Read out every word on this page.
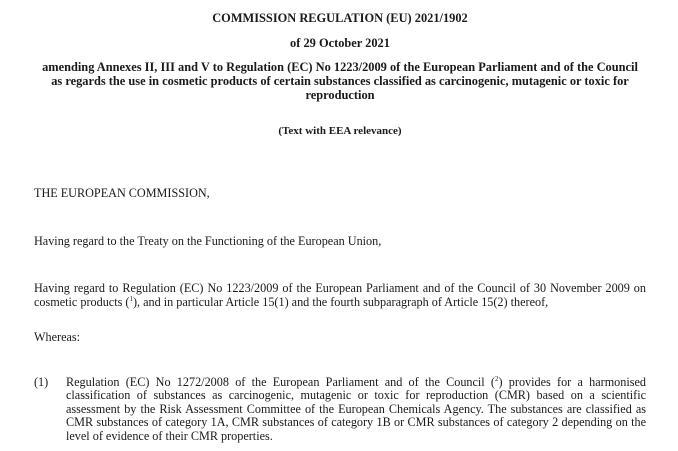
COMMISSION REGULATION (EU) 2021/1902

of 29 October 2021

amending Annexes II, III and V to Regulation (EC) No 1223/2009 of the European Parliament and of the Council as regards the use in cosmetic products of certain substances classified as carcinogenic, mutagenic or toxic for reproduction

(Text with EEA relevance)

THE EUROPEAN COMMISSION,

Having regard to the Treaty on the Functioning of the European Union,

Having regard to Regulation (EC) No 1223/2009 of the European Parliament and of the Council of 30 November 2009 on cosmetic products ($^1$), and in particular Article 15(1) and the fourth subparagraph of Article 15(2) thereof,

Whereas:

(1) Regulation (EC) No 1272/2008 of the European Parliament and of the Council ($^2$) provides for a harmonised classification of substances as carcinogenic, mutagenic or toxic for reproduction (CMR) based on a scientific assessment by the Risk Assessment Committee of the European Chemicals Agency. The substances are classified as CMR substances of category 1A, CMR substances of category 1B or CMR substances of category 2 depending on the level of evidence of their CMR properties.
